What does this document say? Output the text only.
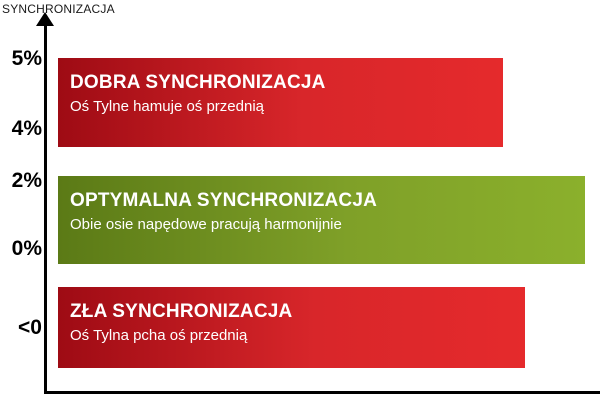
SYNCHRONIZACJA
5%
4%
2%
0%
<0

DOBRA SYNCHRONIZACJA

Oś Tylne hamuje oś przednią

OPTYMALNA SYNCHRONIZACJA

Obie osie napędowe pracują harmonijnie

ZŁA SYNCHRONIZACJA

Oś Tylna pcha oś przednią
